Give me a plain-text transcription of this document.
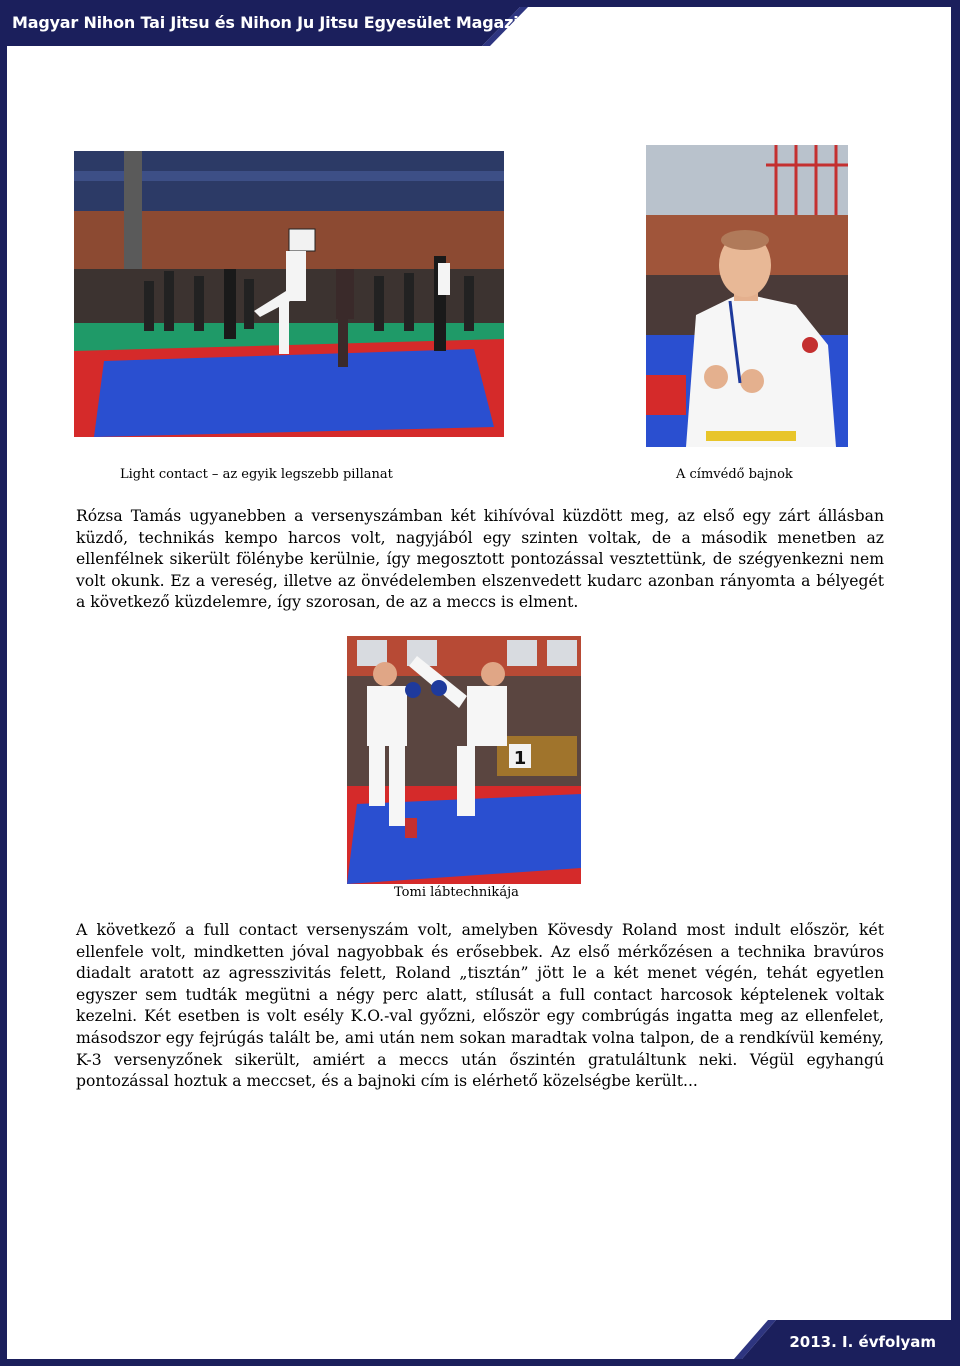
Magyar Nihon Tai Jitsu és Nihon Ju Jitsu Egyesület Magazinja
2013. I. évfolyam
Light contact – az egyik legszebb pillanat	A címvédő bajnok

Rózsa Tamás ugyanebben a versenyszámban két kihívóval küzdött meg, az első egy zárt állásban küzdő, technikás kempo harcos volt, nagyjából egy szinten voltak, de a második menetben az ellenfélnek sikerült fölénybe kerülnie, így megosztott pontozással vesztettünk, de szégyenkezni nem volt okunk. Ez a vereség, illetve az önvédelemben elszenvedett kudarc azonban rányomta a bélyegét a következő küzdelemre, így szorosan, de az a meccs is elment.

1
Tomi lábtechnikája

A következő a full contact versenyszám volt, amelyben Kövesdy Roland most indult először, két ellenfele volt, mindketten jóval nagyobbak és erősebbek. Az első mérkőzésen a technika bravúros diadalt aratott az agresszivitás felett, Roland „tisztán” jött le a két menet végén, tehát egyetlen egyszer sem tudták megütni a négy perc alatt, stílusát a full contact harcosok képtelenek voltak kezelni. Két esetben is volt esély K.O.-val győzni, először egy combrúgás ingatta meg az ellenfelet, másodszor egy fejrúgás talált be, ami után nem sokan maradtak volna talpon, de a rendkívül kemény, K-3 versenyzőnek sikerült, amiért a meccs után őszintén gratuláltunk neki. Végül egyhangú pontozással hoztuk a meccset, és a bajnoki cím is elérhető közelségbe került...
